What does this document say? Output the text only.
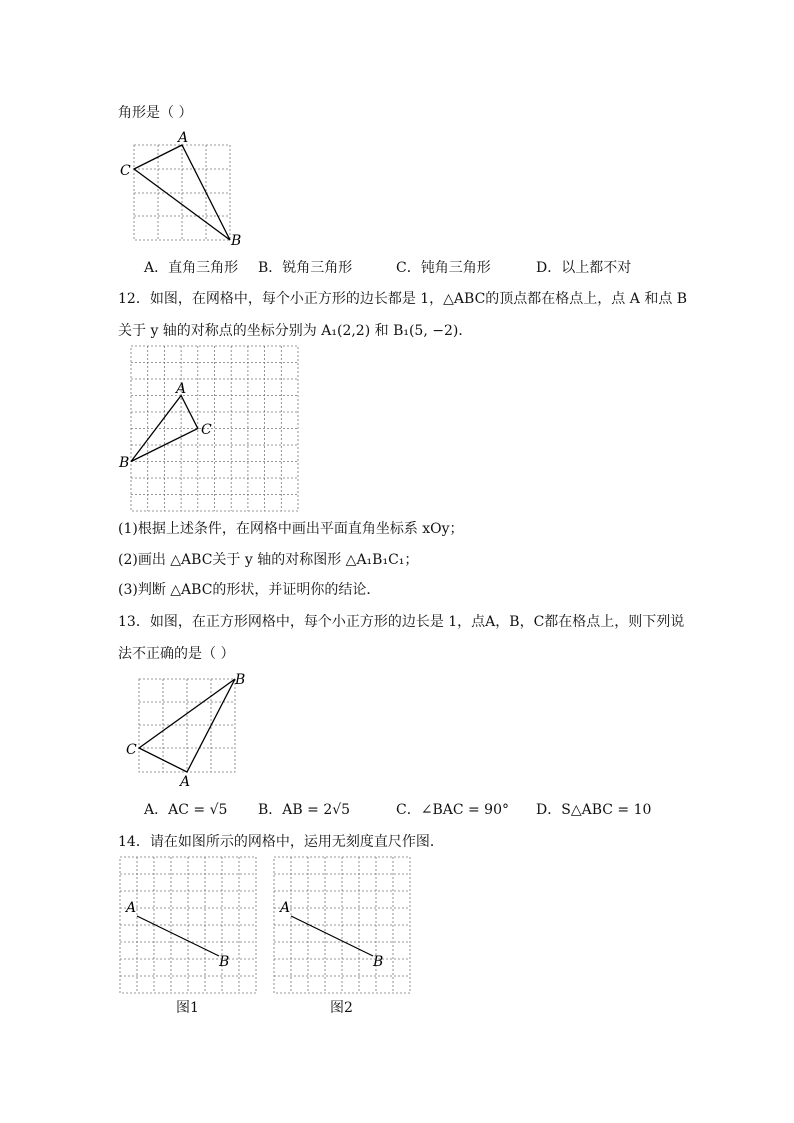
角形是（ ）
A
C
B
A．直角三角形 B．锐角三角形	C．钝角三角形	D．以上都不对
12．如图，在网格中，每个小正方形的边长都是 1，△ABC的顶点都在格点上，点 A 和点 B
关于 y 轴的对称点的坐标分别为 A₁(2,2) 和 B₁(5, −2)．
A
C
B
(1)根据上述条件，在网格中画出平面直角坐标系 xOy；
(2)画出 △ABC关于 y 轴的对称图形 △A₁B₁C₁；
(3)判断 △ABC的形状，并证明你的结论．
13．如图，在正方形网格中，每个小正方形的边长是 1，点A，B，C都在格点上，则下列说
法不正确的是（ ）
B
C
A
A．AC = √5 B．AB = 2√5	C．∠BAC = 90° D．S△ABC = 10
14．请在如图所示的网格中，运用无刻度直尺作图．
A
B
A
B
图1	图2
